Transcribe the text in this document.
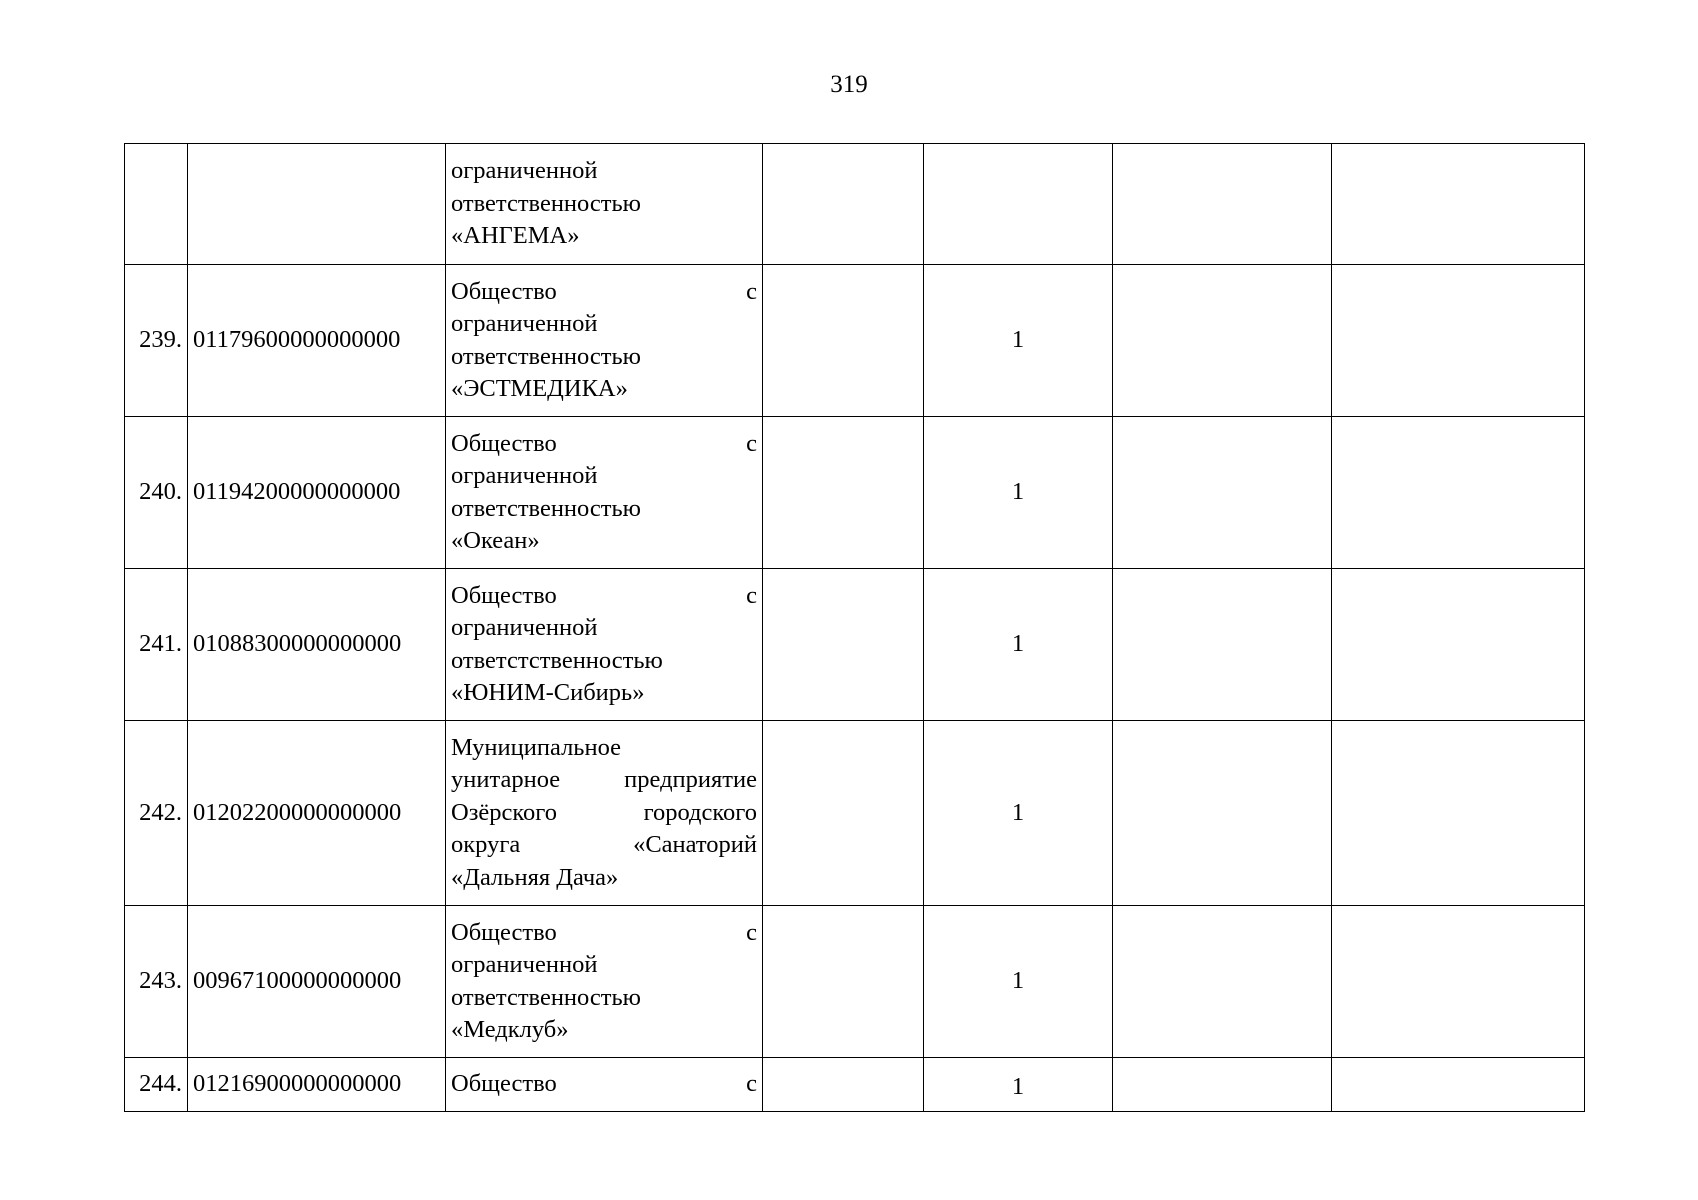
319

		ограниченной
ответственностью
«АНГЕМА»				

239.	01179600000000000	Общество с
ограниченной
ответственностью
«ЭСТМЕДИКА»		1		
240.	01194200000000000	Общество с
ограниченной
ответственностью
«Океан»		1		
241.	01088300000000000	Общество с
ограниченной
ответстственностью
«ЮНИМ-Сибирь»		1		
242.	01202200000000000	Муниципальное
унитарное предприятие
Озёрского городского
округа «Санаторий
«Дальняя Дача»		1		
243.	00967100000000000	Общество с
ограниченной
ответственностью
«Медклуб»		1		
244.	01216900000000000	Общество с		1		
